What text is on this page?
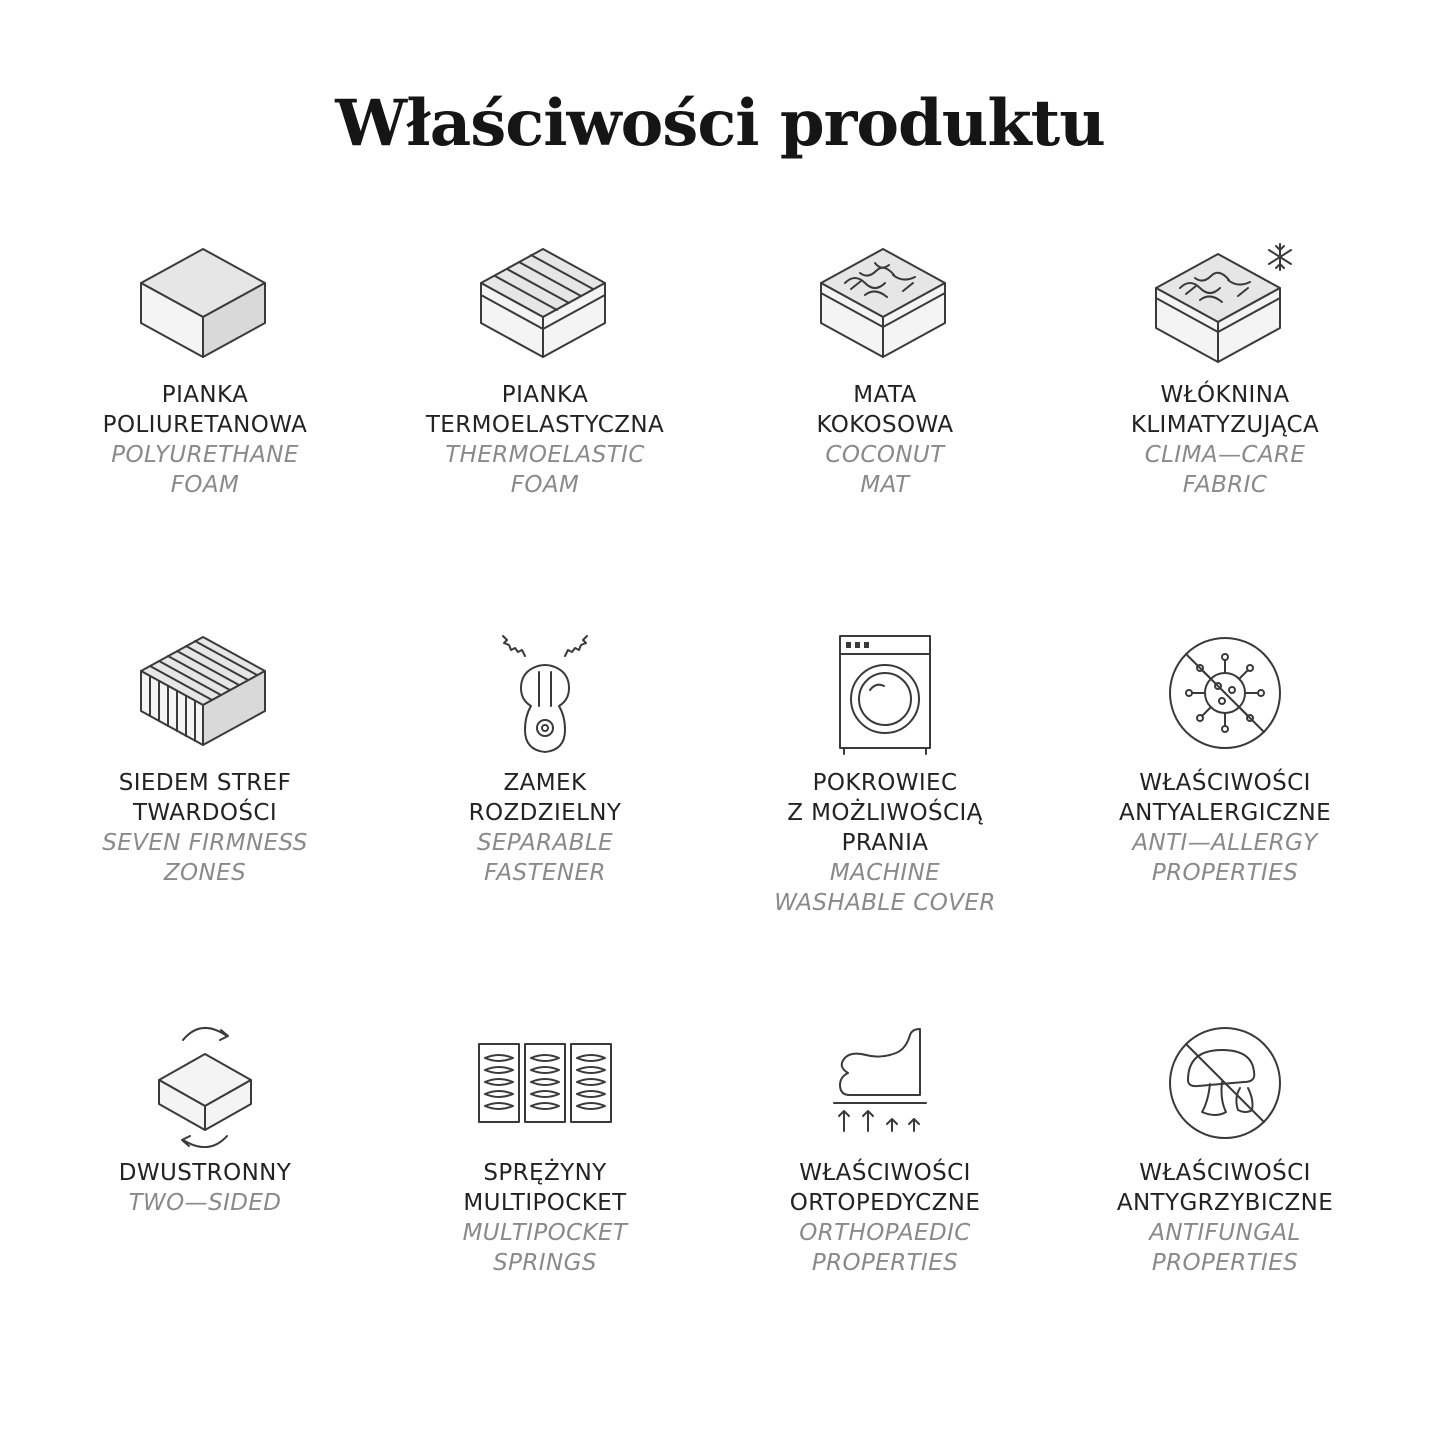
Właściwości produktu
PIANKA
POLIURETANOWA
POLYURETHANE
FOAM
PIANKA
TERMOELASTYCZNA
THERMOELASTIC
FOAM
MATA
KOKOSOWA
COCONUT
MAT
WŁÓKNINA
KLIMATYZUJĄCA
CLIMA—CARE
FABRIC
SIEDEM STREF
TWARDOŚCI
SEVEN FIRMNESS
ZONES
ZAMEK
ROZDZIELNY
SEPARABLE
FASTENER
POKROWIEC
Z MOŻLIWOŚCIĄ
PRANIA
MACHINE
WASHABLE COVER
WŁAŚCIWOŚCI
ANTYALERGICZNE
ANTI—ALLERGY
PROPERTIES
DWUSTRONNY
TWO—SIDED
SPRĘŻYNY
MULTIPOCKET
MULTIPOCKET
SPRINGS
WŁAŚCIWOŚCI
ORTOPEDYCZNE
ORTHOPAEDIC
PROPERTIES
WŁAŚCIWOŚCI
ANTYGRZYBICZNE
ANTIFUNGAL
PROPERTIES
